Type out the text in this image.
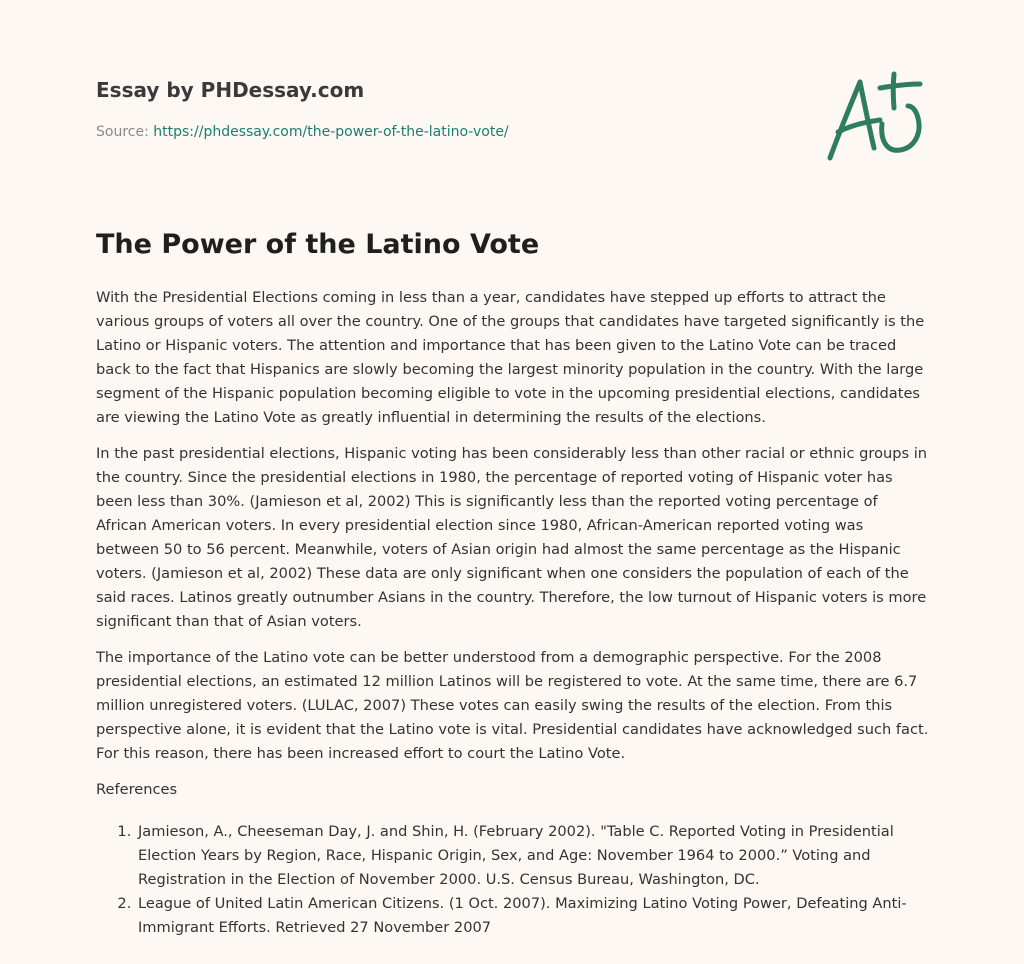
Essay by PHDessay.com

Source: https://phdessay.com/the-power-of-the-latino-vote/
The Power of the Latino Vote

With the Presidential Elections coming in less than a year, candidates have stepped up efforts to attract the various groups of voters all over the country. One of the groups that candidates have targeted significantly is the Latino or Hispanic voters. The attention and importance that has been given to the Latino Vote can be traced back to the fact that Hispanics are slowly becoming the largest minority population in the country. With the large segment of the Hispanic population becoming eligible to vote in the upcoming presidential elections, candidates are viewing the Latino Vote as greatly influential in determining the results of the elections.

In the past presidential elections, Hispanic voting has been considerably less than other racial or ethnic groups in the country. Since the presidential elections in 1980, the percentage of reported voting of Hispanic voter has been less than 30%. (Jamieson et al, 2002) This is significantly less than the reported voting percentage of African American voters. In every presidential election since 1980, African-American reported voting was between 50 to 56 percent. Meanwhile, voters of Asian origin had almost the same percentage as the Hispanic voters. (Jamieson et al, 2002) These data are only significant when one considers the population of each of the said races. Latinos greatly outnumber Asians in the country. Therefore, the low turnout of Hispanic voters is more significant than that of Asian voters.

The importance of the Latino vote can be better understood from a demographic perspective. For the 2008 presidential elections, an estimated 12 million Latinos will be registered to vote. At the same time, there are 6.7 million unregistered voters. (LULAC, 2007) These votes can easily swing the results of the election. From this perspective alone, it is evident that the Latino vote is vital. Presidential candidates have acknowledged such fact. For this reason, there has been increased effort to court the Latino Vote.

References

1. Jamieson, A., Cheeseman Day, J. and Shin, H. (February 2002). "Table C. Reported Voting in Presidential Election Years by Region, Race, Hispanic Origin, Sex, and Age: November 1964 to 2000.” Voting and Registration in the Election of November 2000. U.S. Census Bureau, Washington, DC.
2. League of United Latin American Citizens. (1 Oct. 2007). Maximizing Latino Voting Power, Defeating Anti-Immigrant Efforts. Retrieved 27 November 2007
